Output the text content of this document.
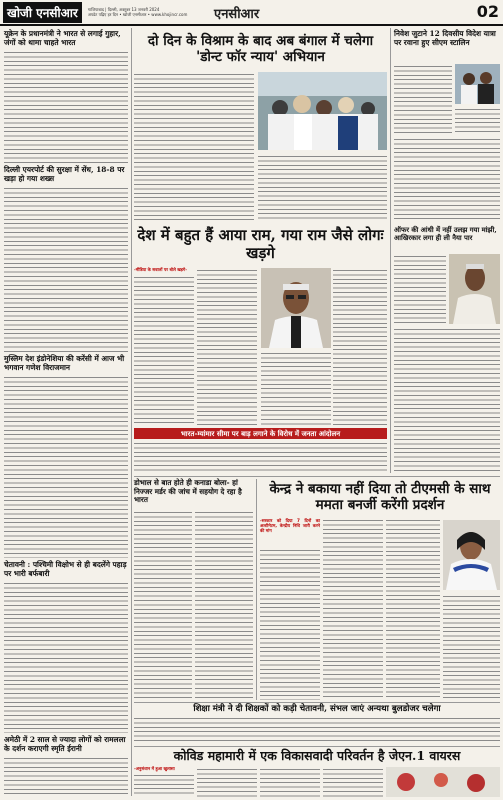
खोजी एनसीआर	गाजियाबाद | दिल्ली, अक्टूबर 13 जनवरी 2024
अपडेट पढ़िए हर दिन • खोजी एनसीआर • www.khojincr.com एनसीआर	02
यूक्रेन के प्रधानमंत्री ने भारत से लगाई गुहार, जंगों को थामा चाहते भारत
दिल्ली एयरपोर्ट की सुरक्षा में सेंध, 18-8 पर खड़ा हो गया शख्स
मुस्लिम देश इंडोनेशिया की करेंसी में आज भी भगवान गणेश विराजमान
चेतावनी : पश्चिमी विक्षोभ से ही बदलेंगे पहाड़ पर भारी बर्फबारी
अमेठी में 2 साल से ज्यादा लोगों को रामलला के दर्शन कराएगी स्मृति ईरानी
दो दिन के विश्राम के बाद अब बंगाल में चलेगा 'डोन्ट फॉर न्याय' अभियान
देश में बहुत हैं आया राम, गया राम जैसे लोगः खड़गे
-मीडिया के सवालों पर बोले खड़गे-
भारत-म्यांमार सीमा पर बाड़ लगाने के विरोध में जनता आंदोलन
निवेश जुटाने 12 दिवसीय विदेश यात्रा पर रवाना हुए सीएम स्टालिन
ऑफर की आंधी में नहीं उलझ गया मांझी, आखिरकार लगा ही ली नैया पार
डोभाल से बात होते ही कनाडा बोला- हां निज्जर मर्डर की जांच में सहयोग दे रहा है भारत
केन्द्र ने बकाया नहीं दिया तो टीएमसी के साथ ममता बनर्जी करेंगी प्रदर्शन
-सरकार को दिया 7 दिनों का अल्टीमेटम, केन्द्रीय निधि जारी करने की मांग
शिक्षा मंत्री ने दी शिक्षकों को कड़ी चेतावनी, संभल जाएं अन्यथा बुलडोजर चलेगा
कोविड महामारी में एक विकासवादी परिवर्तन है जेएन.1 वायरस
-अनुसंधान में हुआ खुलासा
